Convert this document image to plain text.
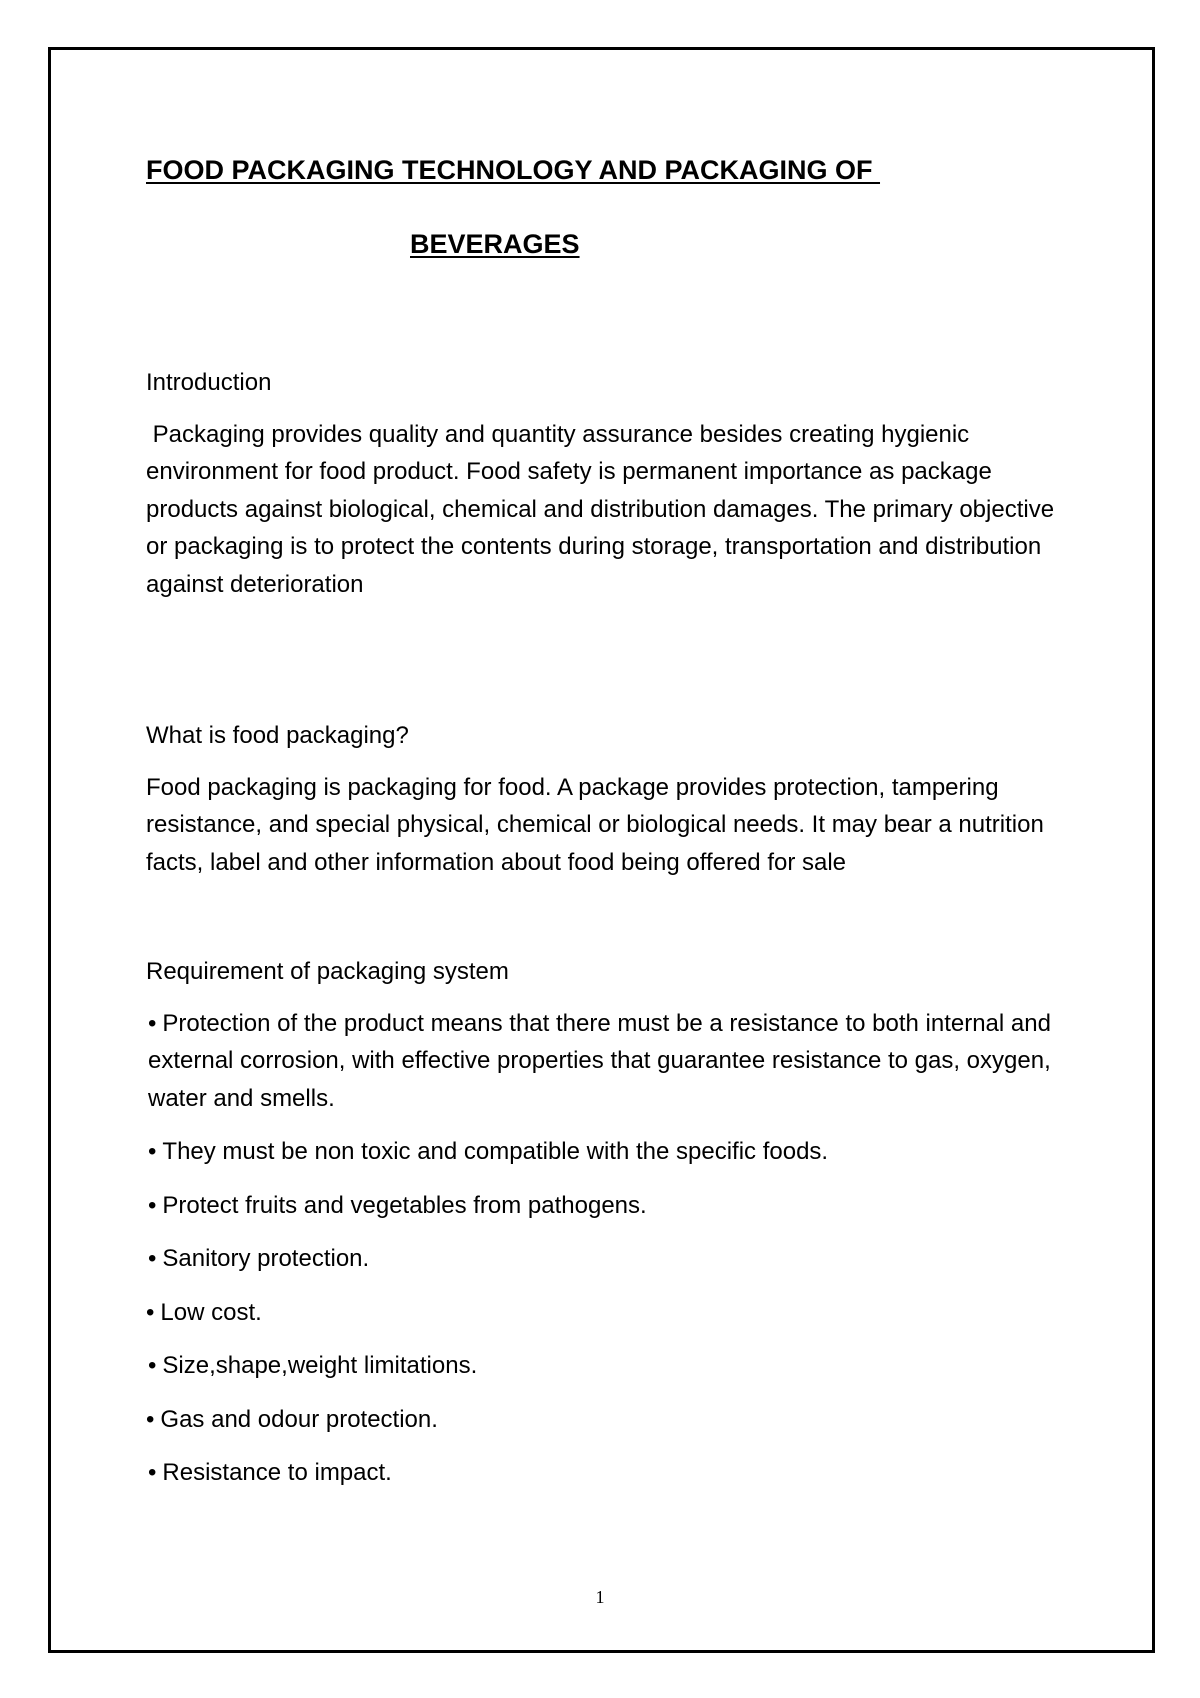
FOOD PACKAGING TECHNOLOGY AND PACKAGING OF
BEVERAGES

Introduction

Packaging provides quality and quantity assurance besides creating hygienic environment for food product. Food safety is permanent importance as package products against biological, chemical and distribution damages. The primary objective or packaging is to protect the contents during storage, transportation and distribution against deterioration

What is food packaging?

Food packaging is packaging for food. A package provides protection, tampering resistance, and special physical, chemical or biological needs. It may bear a nutrition facts, label and other information about food being offered for sale

Requirement of packaging system

• Protection of the product means that there must be a resistance to both internal and external corrosion, with effective properties that guarantee resistance to gas, oxygen, water and smells.

• They must be non toxic and compatible with the specific foods.

• Protect fruits and vegetables from pathogens.

• Sanitory protection.

• Low cost.

• Size,shape,weight limitations.

• Gas and odour protection.

• Resistance to impact.

1
